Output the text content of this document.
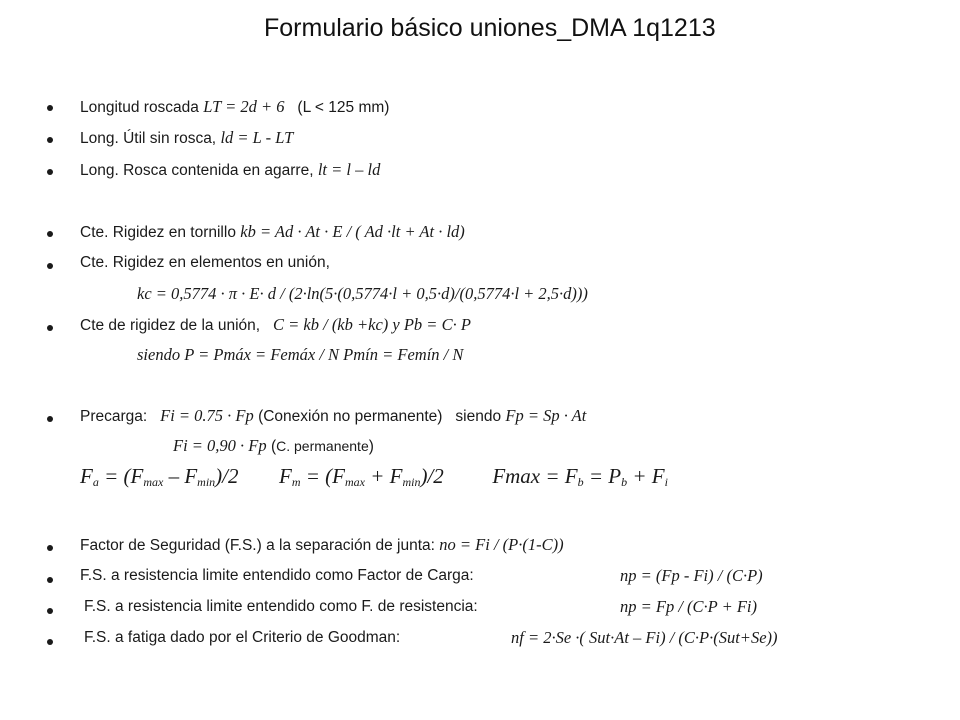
Formulario básico uniones_DMA 1q1213
Longitud roscada LT = 2d + 6 (L < 125 mm)
Long. Útil sin rosca, ld = L - LT
Long. Rosca contenida en agarre, lt = l – ld
Cte. Rigidez en tornillo kb = Ad · At · E / ( Ad ·lt + At · ld)
Cte. Rigidez en elementos en unión,
kc = 0,5774 · π · E· d / (2·ln(5·(0,5774·l + 0,5·d)/(0,5774·l + 2,5·d)))
Cte de rigidez de la unión, C = kb / (kb +kc) y Pb = C· P
siendo P = Pmáx = Femáx / N Pmín = Femín / N
Precarga: Fi = 0.75 · Fp (Conexión no permanente) siendo Fp = Sp · At
Fi = 0,90 · Fp (C. permanente)
$F_a = (F_{max} - F_{min})/2$ $F_m = (F_{max} + F_{min})/2$ $Fmax = F_b = P_b + F_i$
Factor de Seguridad (F.S.) a la separación de junta: no = Fi / (P·(1-C))
F.S. a resistencia limite entendido como Factor de Carga:	np = (Fp - Fi) / (C·P)
F.S. a resistencia limite entendido como F. de resistencia:	np = Fp / (C·P + Fi)
F.S. a fatiga dado por el Criterio de Goodman:	nf = 2·Se ·( Sut·At – Fi) / (C·P·(Sut+Se))
